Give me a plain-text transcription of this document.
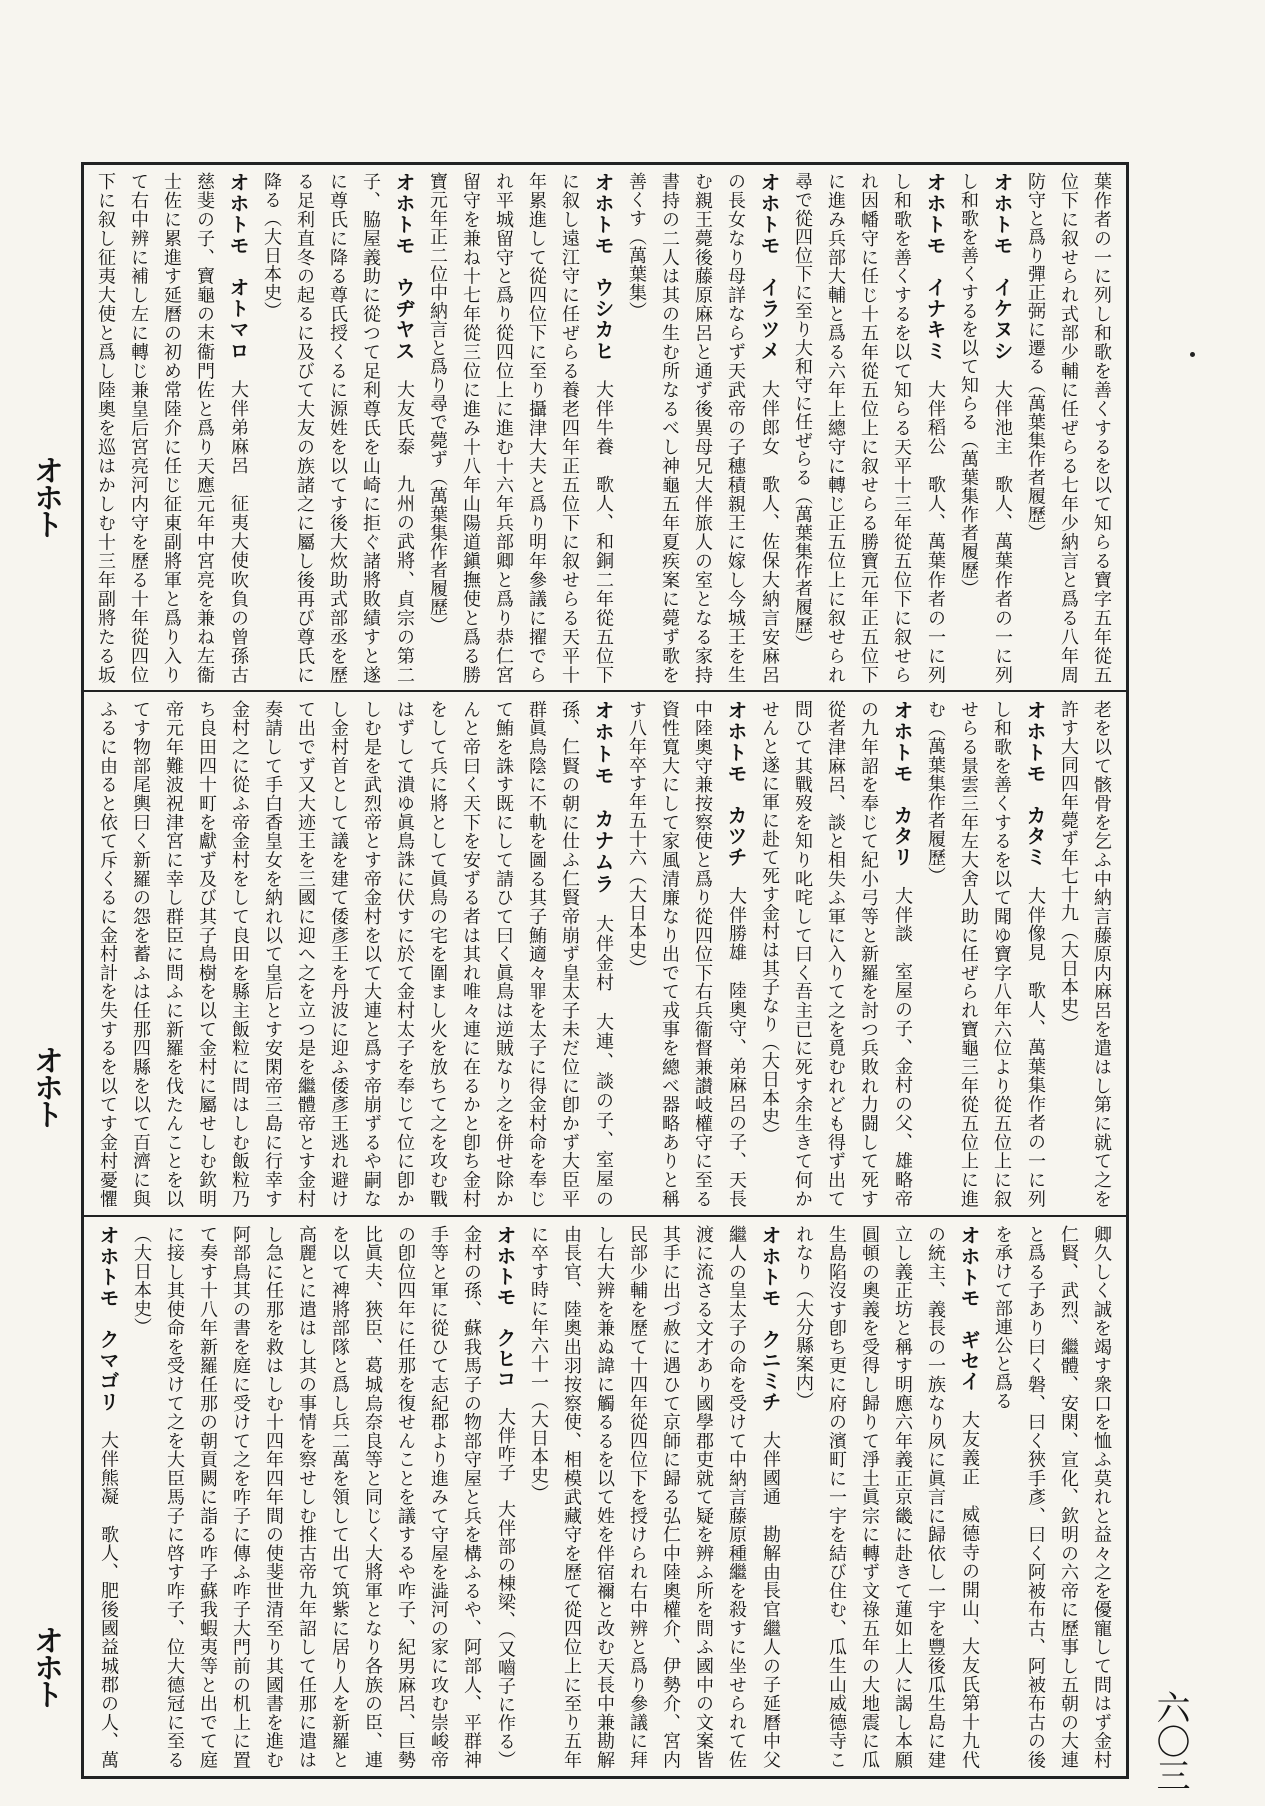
オホト
オホト
オホト
葉作者の一に列し和歌を善くするを以て知らる寶字五年從五位下に叙せられ式部少輔に任ぜらる七年少納言と爲る八年周防守と爲り彈正弼に遷る（萬葉集作者履歷）
オホトモ　イケヌシ　大伴池主　歌人、萬葉作者の一に列し和歌を善くするを以て知らる（萬葉集作者履歷）
オホトモ　イナキミ　大伴稻公　歌人、萬葉作者の一に列し和歌を善くするを以て知らる天平十三年從五位下に叙せられ因幡守に任じ十五年從五位上に叙せらる勝寶元年正五位下に進み兵部大輔と爲る六年上總守に轉じ正五位上に叙せられ尋で從四位下に至り大和守に任ぜらる（萬葉集作者履歷）
オホトモ　イラツメ　大伴郎女　歌人、佐保大納言安麻呂の長女なり母詳ならず天武帝の子穗積親王に嫁し今城王を生む親王薨後藤原麻呂と通ず後異母兄大伴旅人の室となる家持書持の二人は其の生む所なるべし神龜五年夏疾案に薨ず歌を善くす（萬葉集）
オホトモ　ウシカヒ　大伴牛養　歌人、和銅二年從五位下に叙し遠江守に任ぜらる養老四年正五位下に叙せらる天平十年累進して從四位下に至り攝津大夫と爲り明年參議に擢でられ平城留守と爲り從四位上に進む十六年兵部卿と爲り恭仁宮留守を兼ね十七年從三位に進み十八年山陽道鎭撫使と爲る勝寶元年正二位中納言と爲り尋で薨ず（萬葉集作者履歷）
オホトモ　ウヂヤス　大友氏泰　九州の武將、貞宗の第二子、脇屋義助に從つて足利尊氏を山崎に拒ぐ諸將敗績すと遂に尊氏に降る尊氏授くるに源姓を以てす後大炊助式部丞を歷る足利直冬の起るに及びて大友の族諸之に屬し後再び尊氏に降る（大日本史）
オホトモ　オトマロ　大伴弟麻呂　征夷大使吹負の曾孫古慈斐の子、寶龜の末衞門佐と爲り天應元年中宮亮を兼ね左衞士佐に累進す延曆の初め常陸介に任じ征東副將軍と爲り入りて右中辨に補し左に轉じ兼皇后宮亮河内守を歷る十年從四位下に叙し征夷大使と爲し陸奧を巡はかしむ十三年副將たる坂
老を以て骸骨を乞ふ中納言藤原内麻呂を遣はし第に就て之を許す大同四年薨ず年七十九（大日本史）
オホトモ　カタミ　大伴像見　歌人、萬葉集作者の一に列し和歌を善くするを以て聞ゆ寶字八年六位より從五位上に叙せらる景雲三年左大舍人助に任ぜられ寶龜三年從五位上に進む（萬葉集作者履歷）
オホトモ　カタリ　大伴談　室屋の子、金村の父、雄略帝の九年詔を奉じて紀小弓等と新羅を討つ兵敗れ力闘して死す從者津麻呂、談と相失ふ軍に入りて之を覓むれども得ず出て問ひて其戰歿を知り叱咤して曰く吾主已に死す余生きて何かせんと遂に軍に赴て死す金村は其子なり（大日本史）
オホトモ　カツチ　大伴勝雄　陸奧守、弟麻呂の子、天長中陸奧守兼按察使と爲り從四位下右兵衞督兼讃岐權守に至る資性寬大にして家風清廉なり出でて戎事を總べ器略ありと稱す八年卒す年五十六（大日本史）
オホトモ　カナムラ　大伴金村　大連、談の子、室屋の孫、仁賢の朝に仕ふ仁賢帝崩ず皇太子未だ位に卽かず大臣平群眞鳥陰に不軌を圖る其子鮪適々罪を太子に得金村命を奉じて鮪を誅す既にして請ひて曰く眞鳥は逆賊なり之を併せ除かんと帝曰く天下を安ずる者は其れ唯々連に在るかと卽ち金村をして兵に將として眞鳥の宅を圍まし火を放ちて之を攻む戰はずして潰ゆ眞鳥誅に伏すに於て金村太子を奉じて位に卽かしむ是を武烈帝とす帝金村を以て大連と爲す帝崩ずるや嗣なし金村首として議を建て倭彥王を丹波に迎ふ倭彥王逃れ避けて出でず又大迹王を三國に迎へ之を立つ是を繼體帝とす金村奏請して手白香皇女を納れ以て皇后とす安閑帝三島に行幸す金村之に從ふ帝金村をして良田を縣主飯粒に問はしむ飯粒乃ち良田四十町を獻ず及び其子鳥樹を以て金村に屬せしむ欽明帝元年難波祝津宮に幸し群臣に問ふに新羅を伐たんことを以てす物部尾輿曰く新羅の怨を蓄ふは任那四縣を以て百濟に與ふるに由ると依て斥くるに金村計を失するを以てす金村憂懼
卿久しく誠を竭す衆口を恤ふ莫れと益々之を優寵して問はず金村仁賢、武烈、繼體、安閑、宣化、欽明の六帝に歷事し五朝の大連と爲る子あり曰く磐、曰く狹手彥、曰く阿被布古、阿被布古の後を承けて部連公と爲る
オホトモ　ギセイ　大友義正　威德寺の開山、大友氏第十九代の統主、義長の一族なり夙に眞言に歸依し一宇を豐後瓜生島に建立し義正坊と稱す明應六年義正京畿に赴きて蓮如上人に謁し本願圓頓の奧義を受得し歸りて淨土眞宗に轉ず文祿五年の大地震に瓜生島陷沒す卽ち更に府の濱町に一宇を結び住む、瓜生山威德寺これなり（大分縣案内）
オホトモ　クニミチ　大伴國通　勘解由長官繼人の子延曆中父繼人の皇太子の命を受けて中納言藤原種繼を殺すに坐せられて佐渡に流さる文才あり國學郡吏就て疑を辨ふ所を問ふ國中の文案皆其手に出づ赦に遇ひて京師に歸る弘仁中陸奧權介、伊勢介、宮内民部少輔を歷て十四年從四位下を授けられ右中辨と爲り參議に拜し右大辨を兼ぬ諱に觸るるを以て姓を伴宿禰と改む天長中兼勘解由長官、陸奧出羽按察使、相模武藏守を歷て從四位上に至り五年に卒す時に年六十一（大日本史）
オホトモ　クヒコ　大伴咋子　大伴部の棟梁、（又嚙子に作る）金村の孫、蘇我馬子の物部守屋と兵を構ふるや、阿部人、平群神手等と軍に從ひて志紀郡より進みて守屋を澁河の家に攻む崇峻帝の卽位四年に任那を復せんことを議するや咋子、紀男麻呂、巨勢比眞夫、狹臣、葛城烏奈良等と同じく大將軍となり各族の臣、連を以て裨將部隊と爲し兵二萬を領して出て筑紫に居り人を新羅と高麗とに遣はし其の事情を察せしむ推古帝九年詔して任那に遣はし急に任那を救はしむ十四年四年間の使斐世清至り其國書を進む阿部鳥其の書を庭に受けて之を咋子に傳ふ咋子大門前の机上に置て奏す十八年新羅任那の朝貢闕に詣る咋子蘇我蝦夷等と出でて庭に接し其使命を受けて之を大臣馬子に啓す咋子、位大德冠に至る（大日本史）
オホトモ　クマゴリ　大伴熊凝　歌人、肥後國益城郡の人、萬
　	六〇三
